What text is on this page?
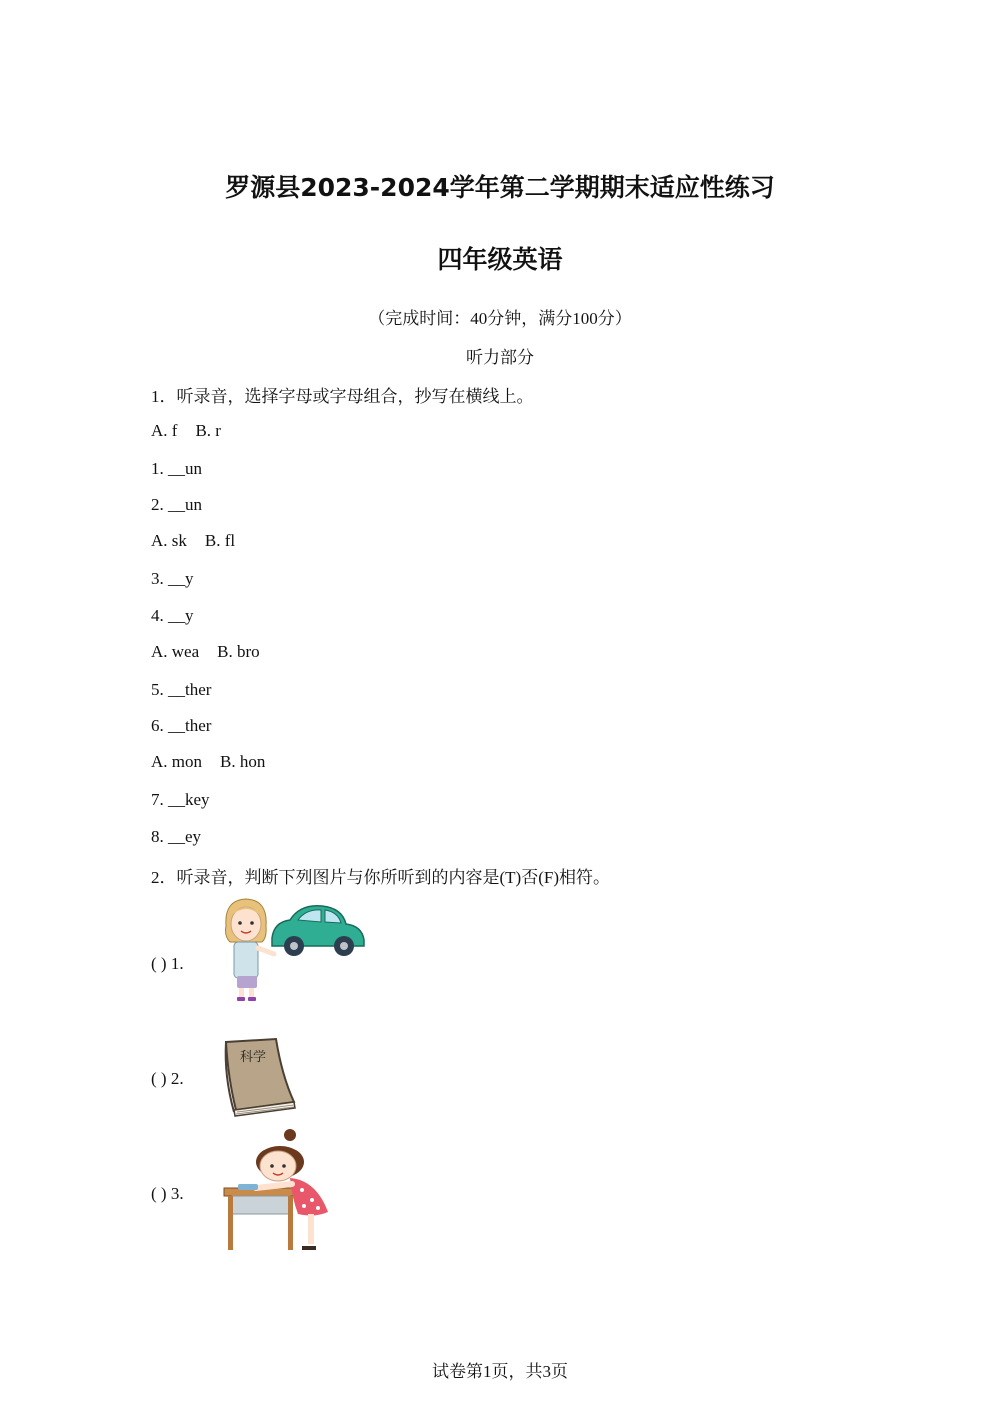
罗源县2023-2024学年第二学期期末适应性练习
四年级英语
（完成时间：40分钟，满分100分）
听力部分
1．听录音，选择字母或字母组合，抄写在横线上。
A. f B. r
1. __un
2. __un
A. sk B. fl
3. __y
4. __y
A. wea B. bro
5. __ther
6. __ther
A. mon B. hon
7. __key
8. __ey
2．听录音，判断下列图片与你所听到的内容是(T)否(F)相符。
( ) 1.
( ) 2.
科学
( ) 3.
试卷第1页，共3页
